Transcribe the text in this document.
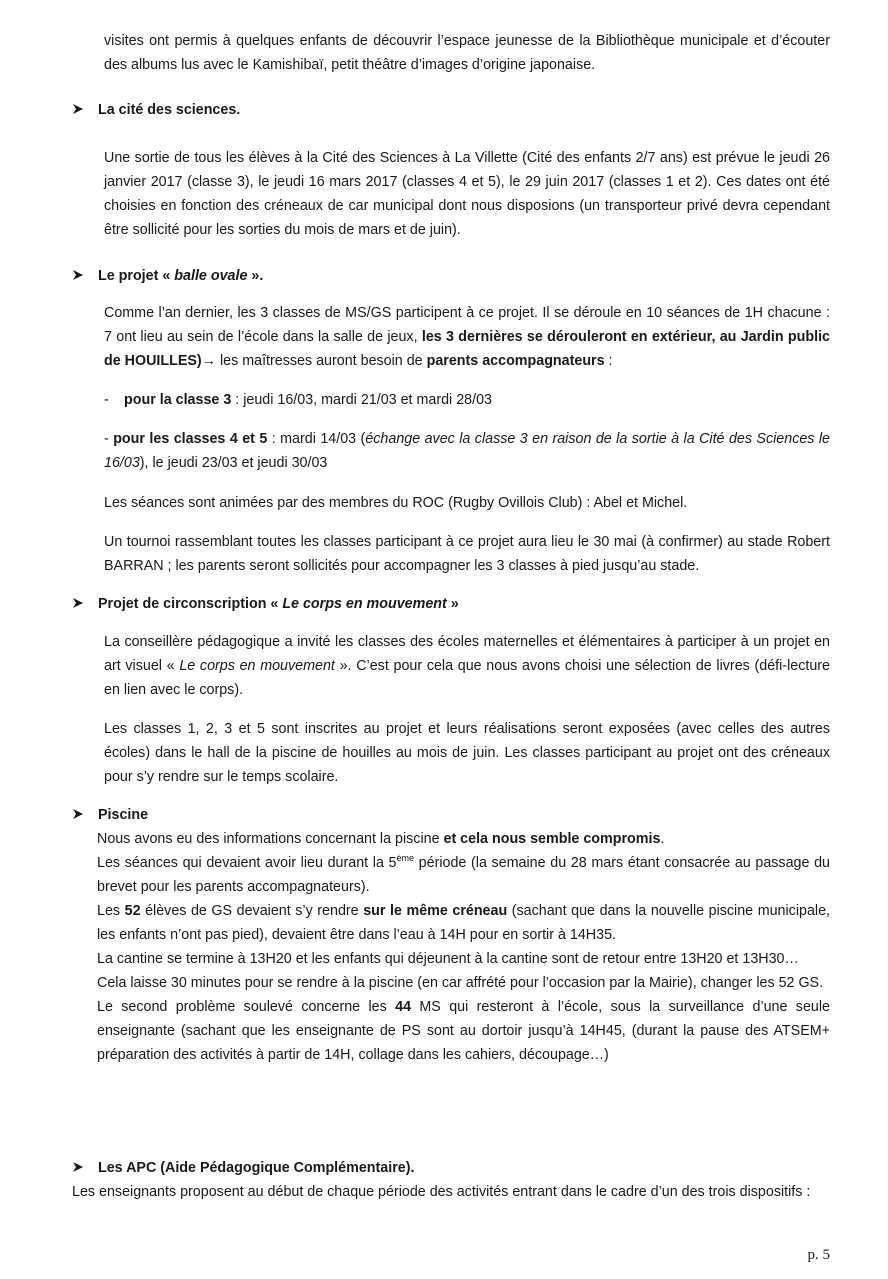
visites ont permis à quelques enfants de découvrir l’espace jeunesse de la Bibliothèque municipale et d’écouter des albums lus avec le Kamishibaï, petit théâtre d’images d’origine japonaise.

La cité des sciences.

Une sortie de tous les élèves à la Cité des Sciences à La Villette (Cité des enfants 2/7 ans) est prévue le jeudi 26 janvier 2017 (classe 3), le jeudi 16 mars 2017 (classes 4 et 5), le 29 juin 2017 (classes 1 et 2). Ces dates ont été choisies en fonction des créneaux de car municipal dont nous disposions (un transporteur privé devra cependant être sollicité pour les sorties du mois de mars et de juin).

Le projet « balle ovale ».

Comme l’an dernier, les 3 classes de MS/GS participent à ce projet. Il se déroule en 10 séances de 1H chacune : 7 ont lieu au sein de l’école dans la salle de jeux, les 3 dernières se dérouleront en extérieur, au Jardin public de HOUILLES)→ les maîtresses auront besoin de parents accompagnateurs :

- pour la classe 3 : jeudi 16/03, mardi 21/03 et mardi 28/03

- pour les classes 4 et 5 : mardi 14/03 (échange avec la classe 3 en raison de la sortie à la Cité des Sciences le 16/03), le jeudi 23/03 et jeudi 30/03

Les séances sont animées par des membres du ROC (Rugby Ovillois Club) : Abel et Michel.

Un tournoi rassemblant toutes les classes participant à ce projet aura lieu le 30 mai (à confirmer) au stade Robert BARRAN ; les parents seront sollicités pour accompagner les 3 classes à pied jusqu’au stade.

Projet de circonscription « Le corps en mouvement »

La conseillère pédagogique a invité les classes des écoles maternelles et élémentaires à participer à un projet en art visuel « Le corps en mouvement ». C’est pour cela que nous avons choisi une sélection de livres (défi-lecture en lien avec le corps).

Les classes 1, 2, 3 et 5 sont inscrites au projet et leurs réalisations seront exposées (avec celles des autres écoles) dans le hall de la piscine de houilles au mois de juin. Les classes participant au projet ont des créneaux pour s’y rendre sur le temps scolaire.

Piscine

Nous avons eu des informations concernant la piscine et cela nous semble compromis.

Les séances qui devaient avoir lieu durant la 5ème période (la semaine du 28 mars étant consacrée au passage du brevet pour les parents accompagnateurs).

Les 52 élèves de GS devaient s’y rendre sur le même créneau (sachant que dans la nouvelle piscine municipale, les enfants n’ont pas pied), devaient être dans l’eau à 14H pour en sortir à 14H35.

La cantine se termine à 13H20 et les enfants qui déjeunent à la cantine sont de retour entre 13H20 et 13H30…

Cela laisse 30 minutes pour se rendre à la piscine (en car affrété pour l’occasion par la Mairie), changer les 52 GS.

Le second problème soulevé concerne les 44 MS qui resteront à l’école, sous la surveillance d’une seule enseignante (sachant que les enseignante de PS sont au dortoir jusqu’à 14H45, (durant la pause des ATSEM+ préparation des activités à partir de 14H, collage dans les cahiers, découpage…)

Les APC (Aide Pédagogique Complémentaire).

Les enseignants proposent au début de chaque période des activités entrant dans le cadre d’un des trois dispositifs :

p. 5
